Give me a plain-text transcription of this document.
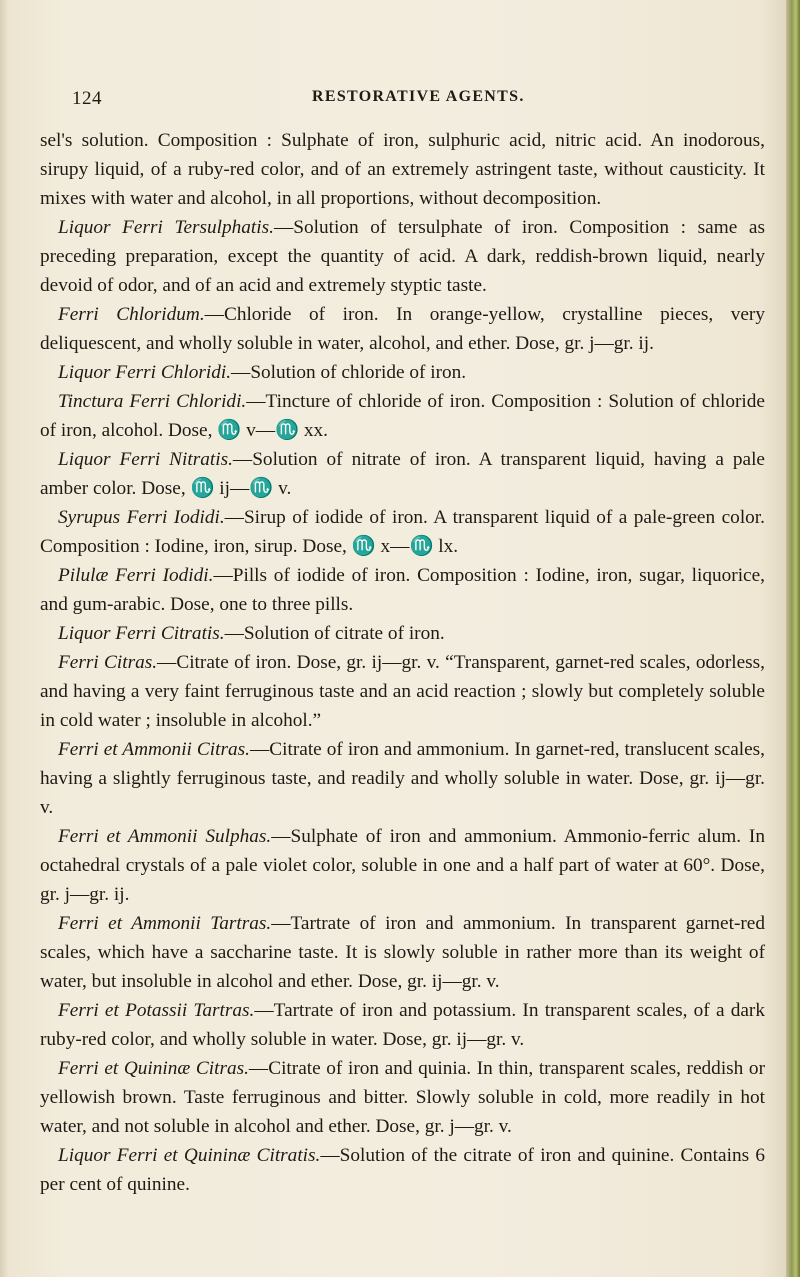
124	RESTORATIVE AGENTS.

sel's solution. Composition : Sulphate of iron, sulphuric acid, nitric acid. An inodorous, sirupy liquid, of a ruby-red color, and of an extremely astringent taste, without causticity. It mixes with water and alcohol, in all proportions, without decomposition.

Liquor Ferri Tersulphatis.—Solution of tersulphate of iron. Composition : same as preceding preparation, except the quantity of acid. A dark, reddish-brown liquid, nearly devoid of odor, and of an acid and extremely styptic taste.

Ferri Chloridum.—Chloride of iron. In orange-yellow, crystalline pieces, very deliquescent, and wholly soluble in water, alcohol, and ether. Dose, gr. j—gr. ij.

Liquor Ferri Chloridi.—Solution of chloride of iron.

Tinctura Ferri Chloridi.—Tincture of chloride of iron. Composition : Solution of chloride of iron, alcohol. Dose, ♏ v—♏ xx.

Liquor Ferri Nitratis.—Solution of nitrate of iron. A transparent liquid, having a pale amber color. Dose, ♏ ij—♏ v.

Syrupus Ferri Iodidi.—Sirup of iodide of iron. A transparent liquid of a pale-green color. Composition : Iodine, iron, sirup. Dose, ♏ x—♏ lx.

Pilulæ Ferri Iodidi.—Pills of iodide of iron. Composition : Iodine, iron, sugar, liquorice, and gum-arabic. Dose, one to three pills.

Liquor Ferri Citratis.—Solution of citrate of iron.

Ferri Citras.—Citrate of iron. Dose, gr. ij—gr. v. “Transparent, garnet-red scales, odorless, and having a very faint ferruginous taste and an acid reaction ; slowly but completely soluble in cold water ; insoluble in alcohol.”

Ferri et Ammonii Citras.—Citrate of iron and ammonium. In garnet-red, translucent scales, having a slightly ferruginous taste, and readily and wholly soluble in water. Dose, gr. ij—gr. v.

Ferri et Ammonii Sulphas.—Sulphate of iron and ammonium. Ammonio-ferric alum. In octahedral crystals of a pale violet color, soluble in one and a half part of water at 60°. Dose, gr. j—gr. ij.

Ferri et Ammonii Tartras.—Tartrate of iron and ammonium. In transparent garnet-red scales, which have a saccharine taste. It is slowly soluble in rather more than its weight of water, but insoluble in alcohol and ether. Dose, gr. ij—gr. v.

Ferri et Potassii Tartras.—Tartrate of iron and potassium. In transparent scales, of a dark ruby-red color, and wholly soluble in water. Dose, gr. ij—gr. v.

Ferri et Quininæ Citras.—Citrate of iron and quinia. In thin, transparent scales, reddish or yellowish brown. Taste ferruginous and bitter. Slowly soluble in cold, more readily in hot water, and not soluble in alcohol and ether. Dose, gr. j—gr. v.

Liquor Ferri et Quininæ Citratis.—Solution of the citrate of iron and quinine. Contains 6 per cent of quinine.
